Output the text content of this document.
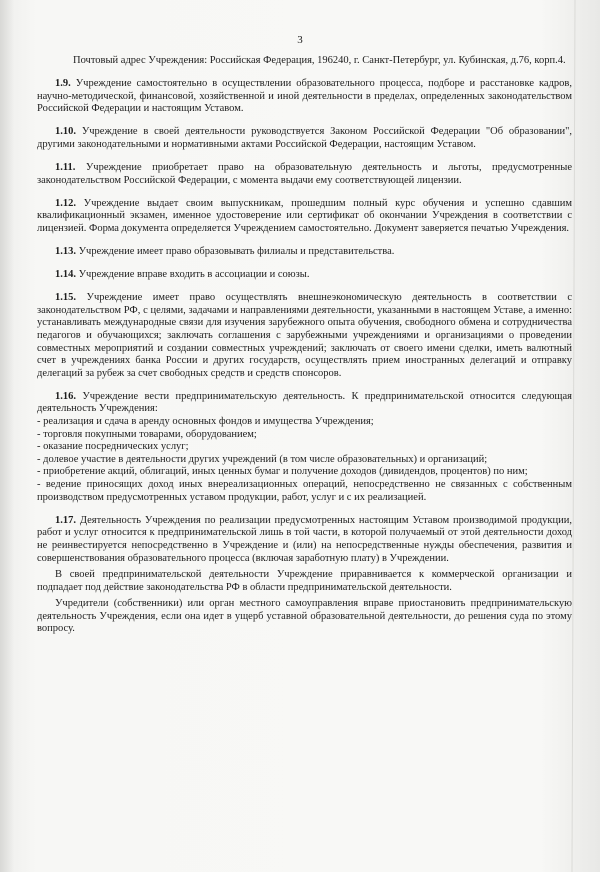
3

Почтовый адрес Учреждения: Российская Федерация, 196240, г. Санкт-Петербург, ул. Кубинская, д.76, корп.4.

1.9. Учреждение самостоятельно в осуществлении образовательного процесса, подборе и расстановке кадров, научно-методической, финансовой, хозяйственной и иной деятельности в пределах, определенных законодательством Российской Федерации и настоящим Уставом.

1.10. Учреждение в своей деятельности руководствуется Законом Российской Федерации "Об образовании", другими законодательными и нормативными актами Российской Федерации, настоящим Уставом.

1.11. Учреждение приобретает право на образовательную деятельность и льготы, предусмотренные законодательством Российской Федерации, с момента выдачи ему соответствующей лицензии.

1.12. Учреждение выдает своим выпускникам, прошедшим полный курс обучения и успешно сдавшим квалификационный экзамен, именное удостоверение или сертификат об окончании Учреждения в соответствии с лицензией. Форма документа определяется Учреждением самостоятельно. Документ заверяется печатью Учреждения.

1.13. Учреждение имеет право образовывать филиалы и представительства.

1.14. Учреждение вправе входить в ассоциации и союзы.

1.15. Учреждение имеет право осуществлять внешнеэкономическую деятельность в соответствии с законодательством РФ, с целями, задачами и направлениями деятельности, указанными в настоящем Уставе, а именно: устанавливать международные связи для изучения зарубежного опыта обучения, свободного обмена и сотрудничества педагогов и обучающихся; заключать соглашения с зарубежными учреждениями и организациями о проведении совместных мероприятий и создании совместных учреждений; заключать от своего имени сделки, иметь валютный счет в учреждениях банка России и других государств, осуществлять прием иностранных делегаций и отправку делегаций за рубеж за счет свободных средств и средств спонсоров.

1.16. Учреждение вести предпринимательскую деятельность. К предпринимательской относится следующая деятельность Учреждения:

- реализация и сдача в аренду основных фондов и имущества Учреждения;

- торговля покупными товарами, оборудованием;

- оказание посреднических услуг;

- долевое участие в деятельности других учреждений (в том числе образовательных) и организаций;

- приобретение акций, облигаций, иных ценных бумаг и получение доходов (дивидендов, процентов) по ним;

- ведение приносящих доход иных внереализационных операций, непосредственно не связанных с собственным производством предусмотренных уставом продукции, работ, услуг и с их реализацией.

1.17. Деятельность Учреждения по реализации предусмотренных настоящим Уставом производимой продукции, работ и услуг относится к предпринимательской лишь в той части, в которой получаемый от этой деятельности доход не реинвестируется непосредственно в Учреждение и (или) на непосредственные нужды обеспечения, развития и совершенствования образовательного процесса (включая заработную плату) в Учреждении.

В своей предпринимательской деятельности Учреждение приравнивается к коммерческой организации и подпадает под действие законодательства РФ в области предпринимательской деятельности.

Учредители (собственники) или орган местного самоуправления вправе приостановить предпринимательскую деятельность Учреждения, если она идет в ущерб уставной образовательной деятельности, до решения суда по этому вопросу.
